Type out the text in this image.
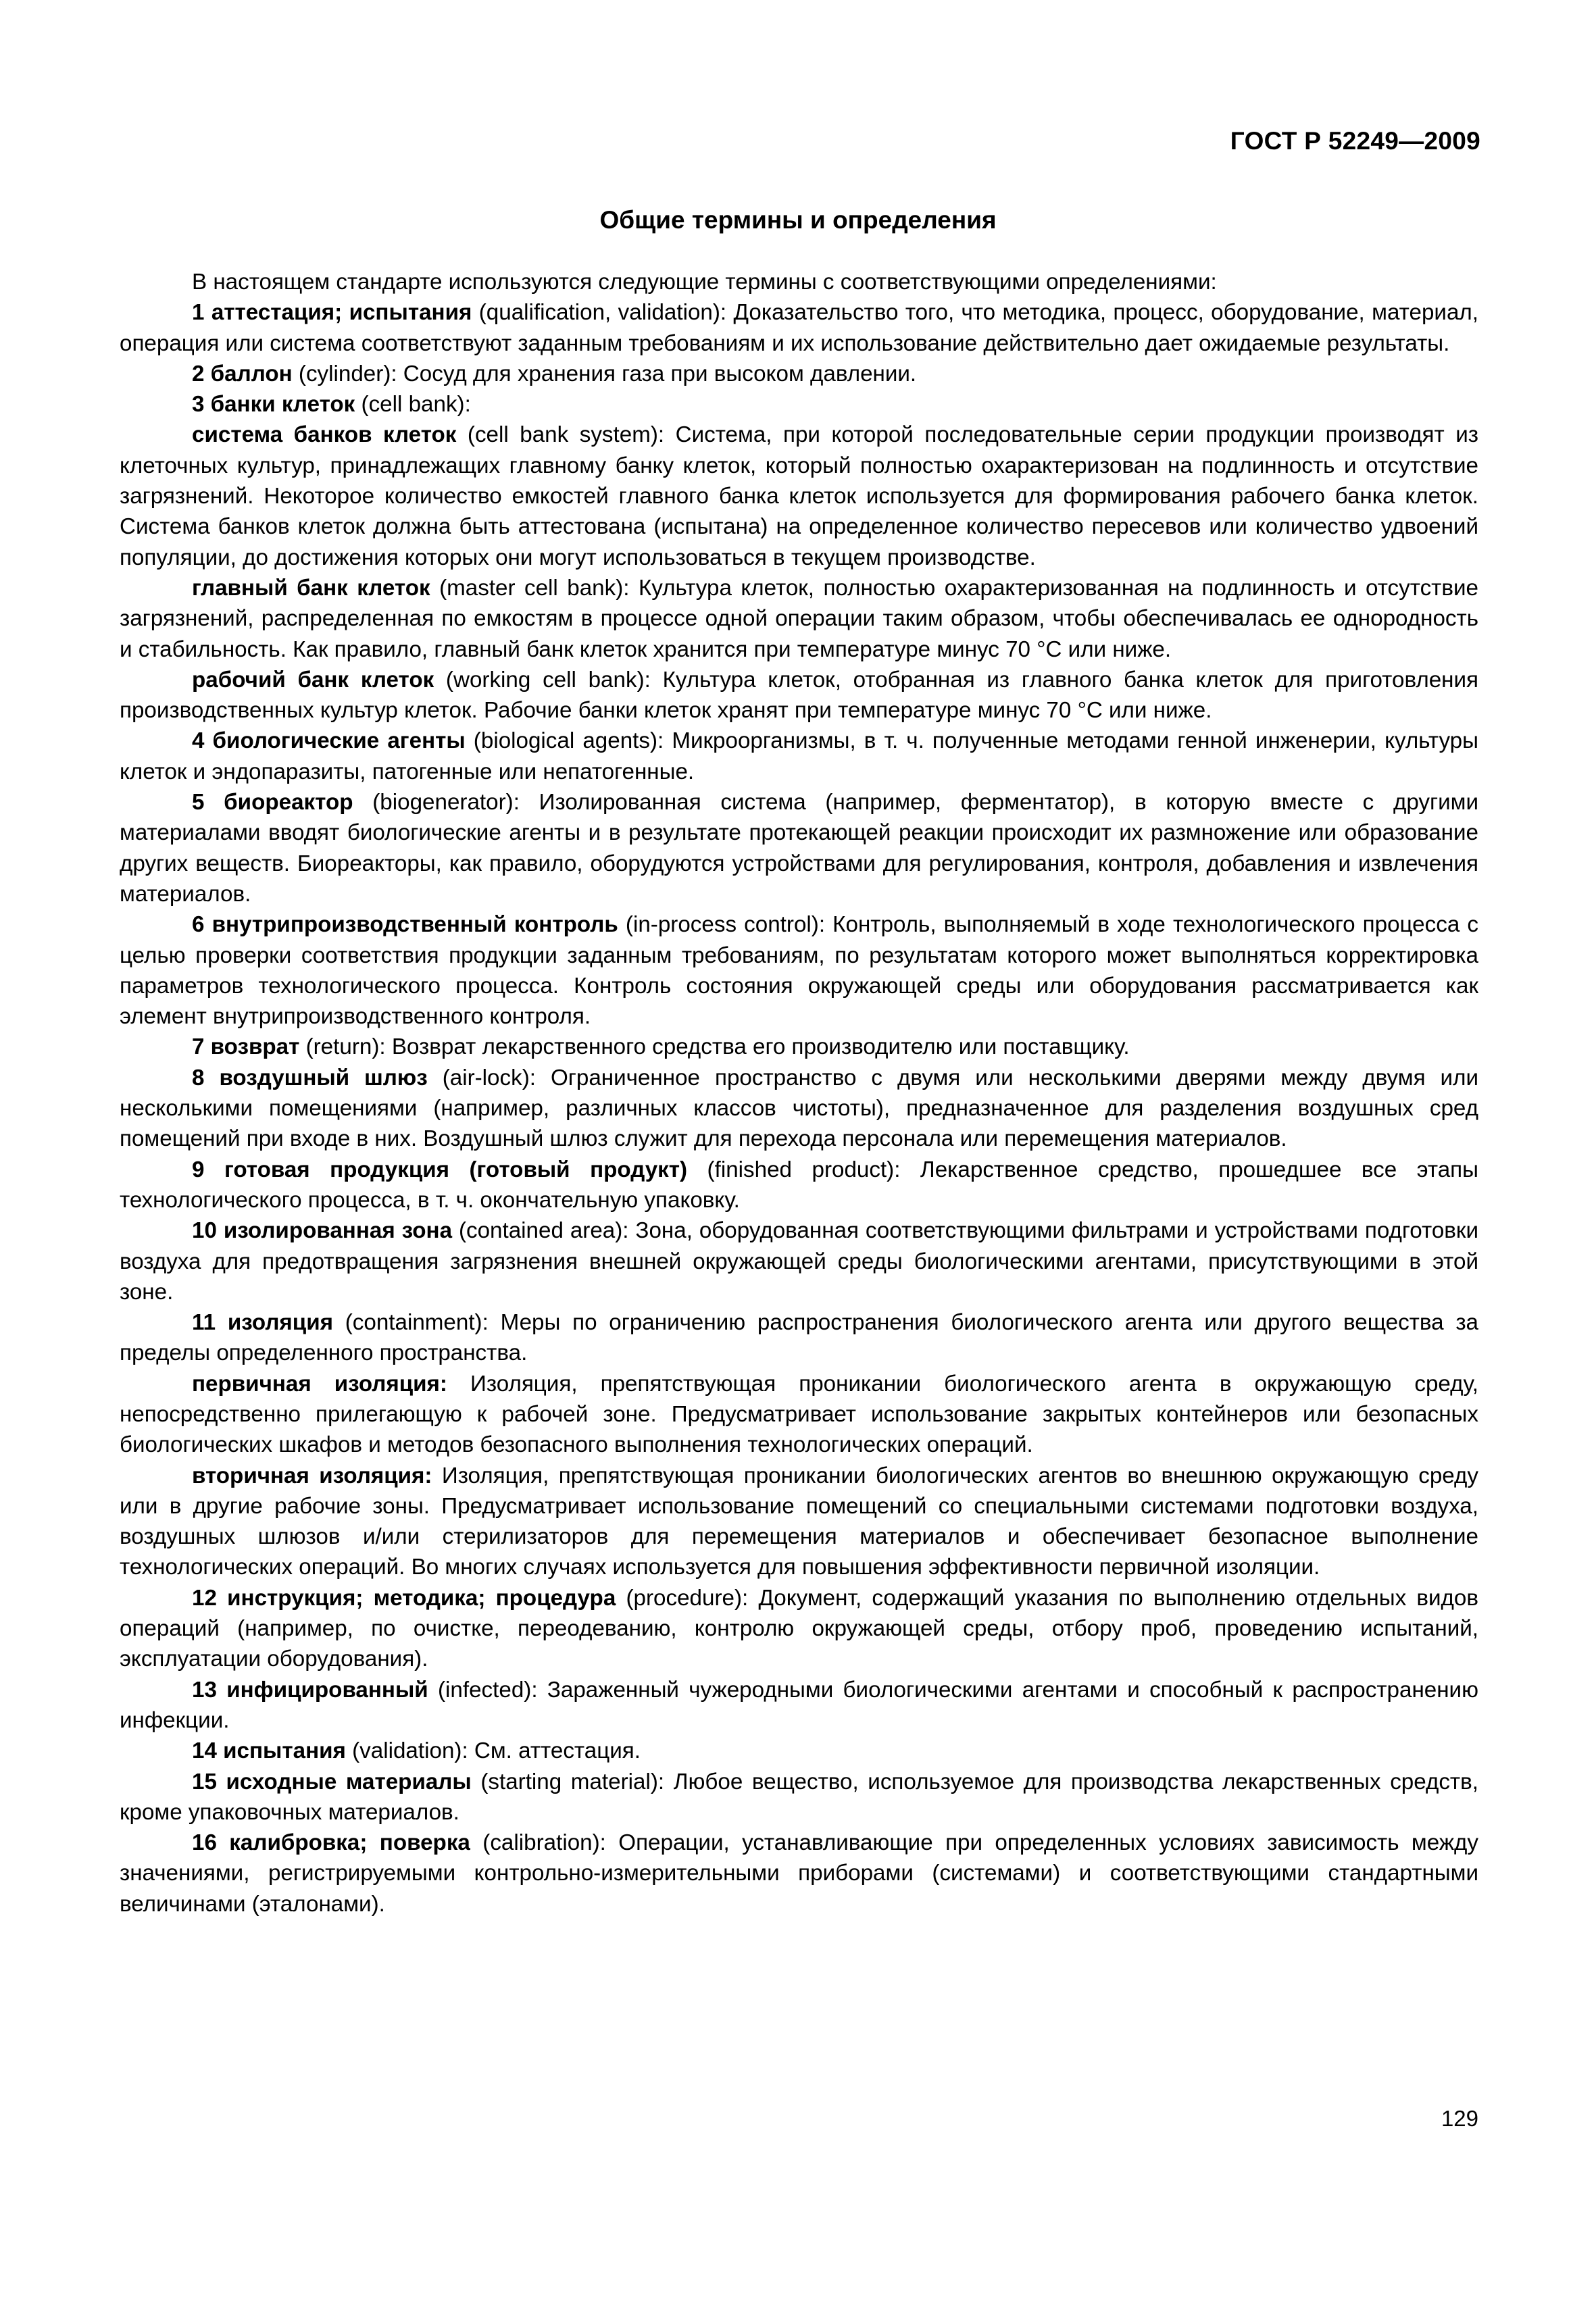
ГОСТ Р 52249—2009
Общие термины и определения

В настоящем стандарте используются следующие термины с соответствующими определениями:

1 аттестация; испытания (qualification, validation): Доказательство того, что методика, процесс, оборудование, материал, операция или система соответствуют заданным требованиям и их использование действительно дает ожидаемые результаты.

2 баллон (cylinder): Сосуд для хранения газа при высоком давлении.

3 банки клеток (cell bank):

система банков клеток (cell bank system): Система, при которой последовательные серии продукции производят из клеточных культур, принадлежащих главному банку клеток, который полностью охарактеризован на подлинность и отсутствие загрязнений. Некоторое количество емкостей главного банка клеток используется для формирования рабочего банка клеток. Система банков клеток должна быть аттестована (испытана) на определенное количество пересевов или количество удвоений популяции, до достижения которых они могут использоваться в текущем производстве.

главный банк клеток (master cell bank): Культура клеток, полностью охарактеризованная на подлинность и отсутствие загрязнений, распределенная по емкостям в процессе одной операции таким образом, чтобы обеспечивалась ее однородность и стабильность. Как правило, главный банк клеток хранится при температуре минус 70 °С или ниже.

рабочий банк клеток (working cell bank): Культура клеток, отобранная из главного банка клеток для приготовления производственных культур клеток. Рабочие банки клеток хранят при температуре минус 70 °С или ниже.

4 биологические агенты (biological agents): Микроорганизмы, в т. ч. полученные методами генной инженерии, культуры клеток и эндопаразиты, патогенные или непатогенные.

5 биореактор (biogenerator): Изолированная система (например, ферментатор), в которую вместе с другими материалами вводят биологические агенты и в результате протекающей реакции происходит их размножение или образование других веществ. Биореакторы, как правило, оборудуются устройствами для регулирования, контроля, добавления и извлечения материалов.

6 внутрипроизводственный контроль (in-process control): Контроль, выполняемый в ходе технологического процесса с целью проверки соответствия продукции заданным требованиям, по результатам которого может выполняться корректировка параметров технологического процесса. Контроль состояния окружающей среды или оборудования рассматривается как элемент внутрипроизводственного контроля.

7 возврат (return): Возврат лекарственного средства его производителю или поставщику.

8 воздушный шлюз (air-lock): Ограниченное пространство с двумя или несколькими дверями между двумя или несколькими помещениями (например, различных классов чистоты), предназначенное для разделения воздушных сред помещений при входе в них. Воздушный шлюз служит для перехода персонала или перемещения материалов.

9 готовая продукция (готовый продукт) (finished product): Лекарственное средство, прошедшее все этапы технологического процесса, в т. ч. окончательную упаковку.

10 изолированная зона (contained area): Зона, оборудованная соответствующими фильтрами и устройствами подготовки воздуха для предотвращения загрязнения внешней окружающей среды биологическими агентами, присутствующими в этой зоне.

11 изоляция (containment): Меры по ограничению распространения биологического агента или другого вещества за пределы определенного пространства.

первичная изоляция: Изоляция, препятствующая проникании биологического агента в окружающую среду, непосредственно прилегающую к рабочей зоне. Предусматривает использование закрытых контейнеров или безопасных биологических шкафов и методов безопасного выполнения технологических операций.

вторичная изоляция: Изоляция, препятствующая проникании биологических агентов во внешнюю окружающую среду или в другие рабочие зоны. Предусматривает использование помещений со специальными системами подготовки воздуха, воздушных шлюзов и/или стерилизаторов для перемещения материалов и обеспечивает безопасное выполнение технологических операций. Во многих случаях используется для повышения эффективности первичной изоляции.

12 инструкция; методика; процедура (procedure): Документ, содержащий указания по выполнению отдельных видов операций (например, по очистке, переодеванию, контролю окружающей среды, отбору проб, проведению испытаний, эксплуатации оборудования).

13 инфицированный (infected): Зараженный чужеродными биологическими агентами и способный к распространению инфекции.

14 испытания (validation): См. аттестация.

15 исходные материалы (starting material): Любое вещество, используемое для производства лекарственных средств, кроме упаковочных материалов.

16 калибровка; поверка (calibration): Операции, устанавливающие при определенных условиях зависимость между значениями, регистрируемыми контрольно-измерительными приборами (системами) и соответствующими стандартными величинами (эталонами).

129
